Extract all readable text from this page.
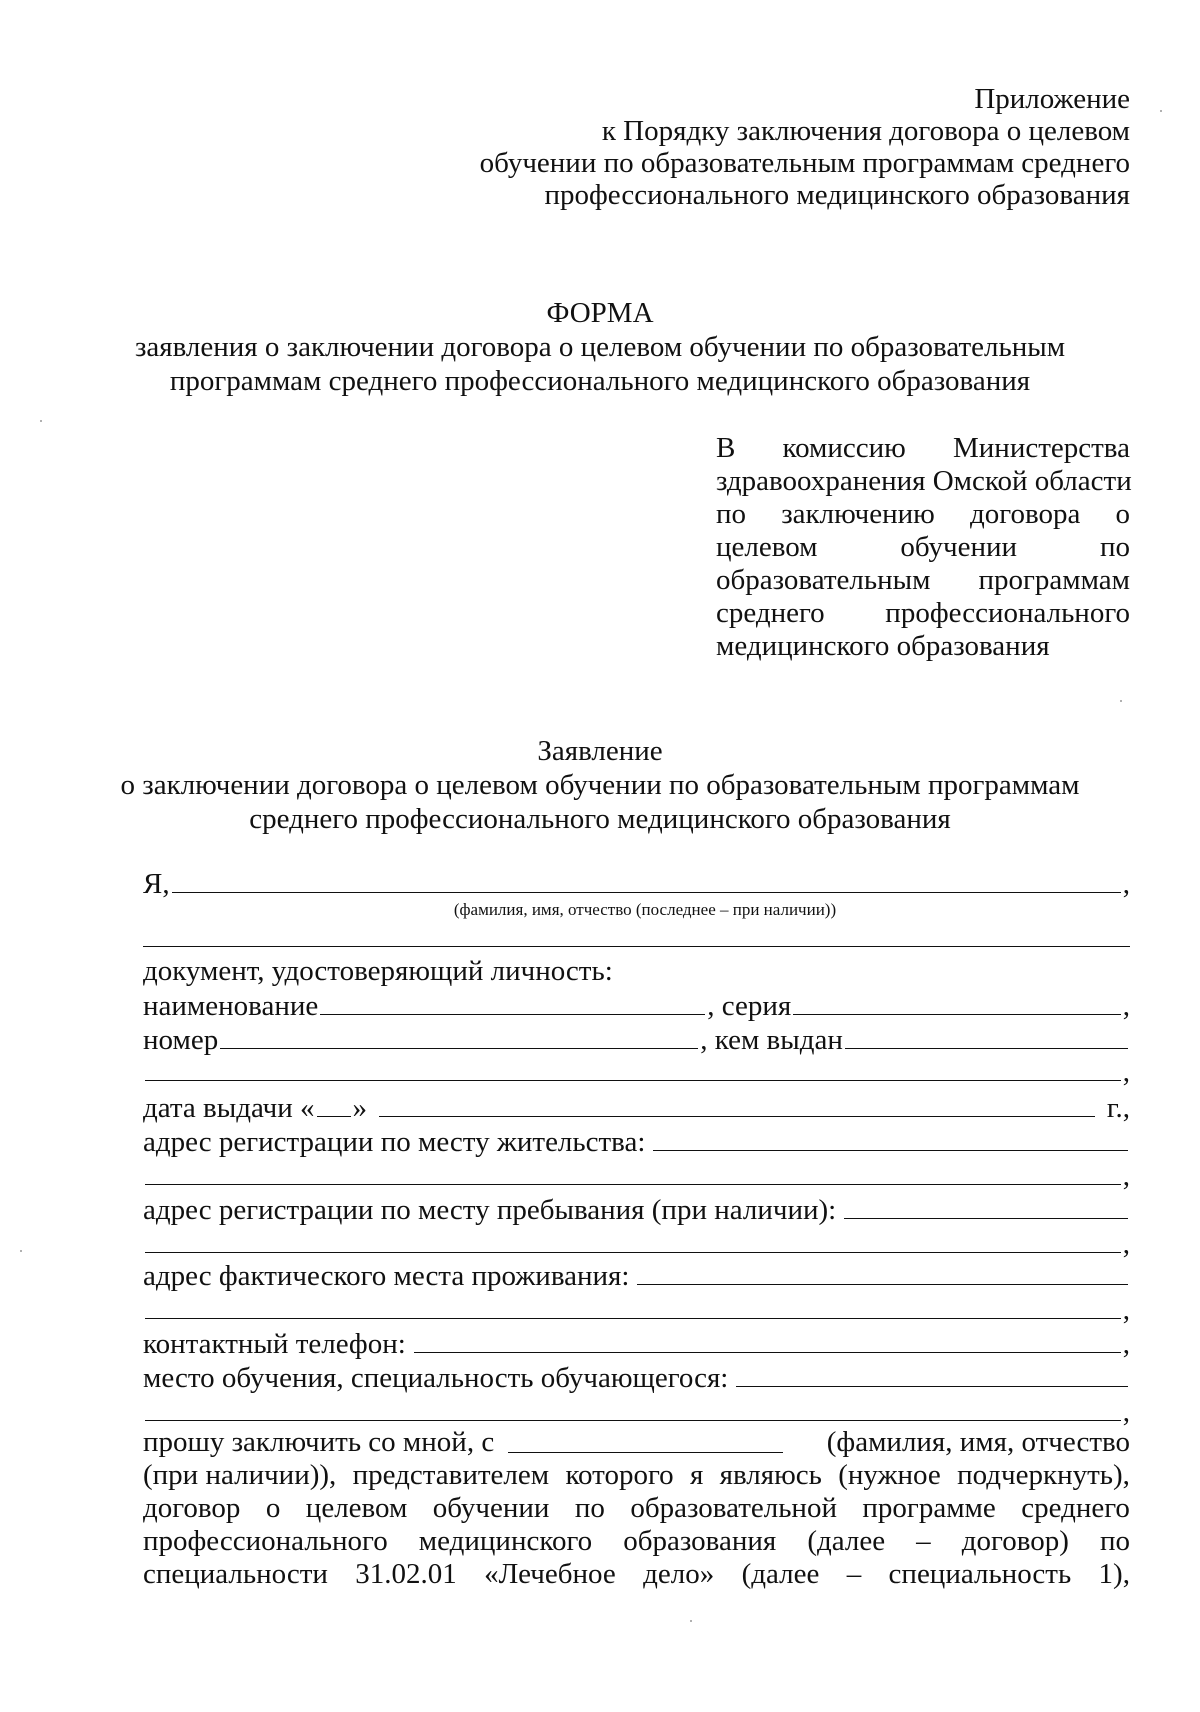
Приложение
к Порядку заключения договора о целевом
обучении по образовательным программам среднего
профессионального медицинского образования
ФОРМА
заявления о заключении договора о целевом обучении по образовательным
программам среднего профессионального медицинского образования
В комиссию Министерства
здравоохранения Омской области
по заключению договора о
целевом	обучении	по
образовательным программам
среднего профессионального
медицинского образования
Заявление
о заключении договора о целевом обучении по образовательным программам
среднего профессионального медицинского образования
Я,	,
(фамилия, имя, отчество (последнее – при наличии))
документ, удостоверяющий личность:
наименование	, серия	,
номер	, кем выдан
,
дата выдачи « »	г.,
адрес регистрации по месту жительства:
,
адрес регистрации по месту пребывания (при наличии):
,
адрес фактического места проживания:
,
контактный телефон:	,
место обучения, специальность обучающегося:
,
прошу заключить со мной, с	(фамилия, имя, отчество
(при наличии)), представителем которого я являюсь (нужное подчеркнуть),
договор о целевом обучении по образовательной программе среднего
профессионального медицинского образования (далее – договор) по
специальности 31.02.01 «Лечебное дело» (далее – специальность 1),
